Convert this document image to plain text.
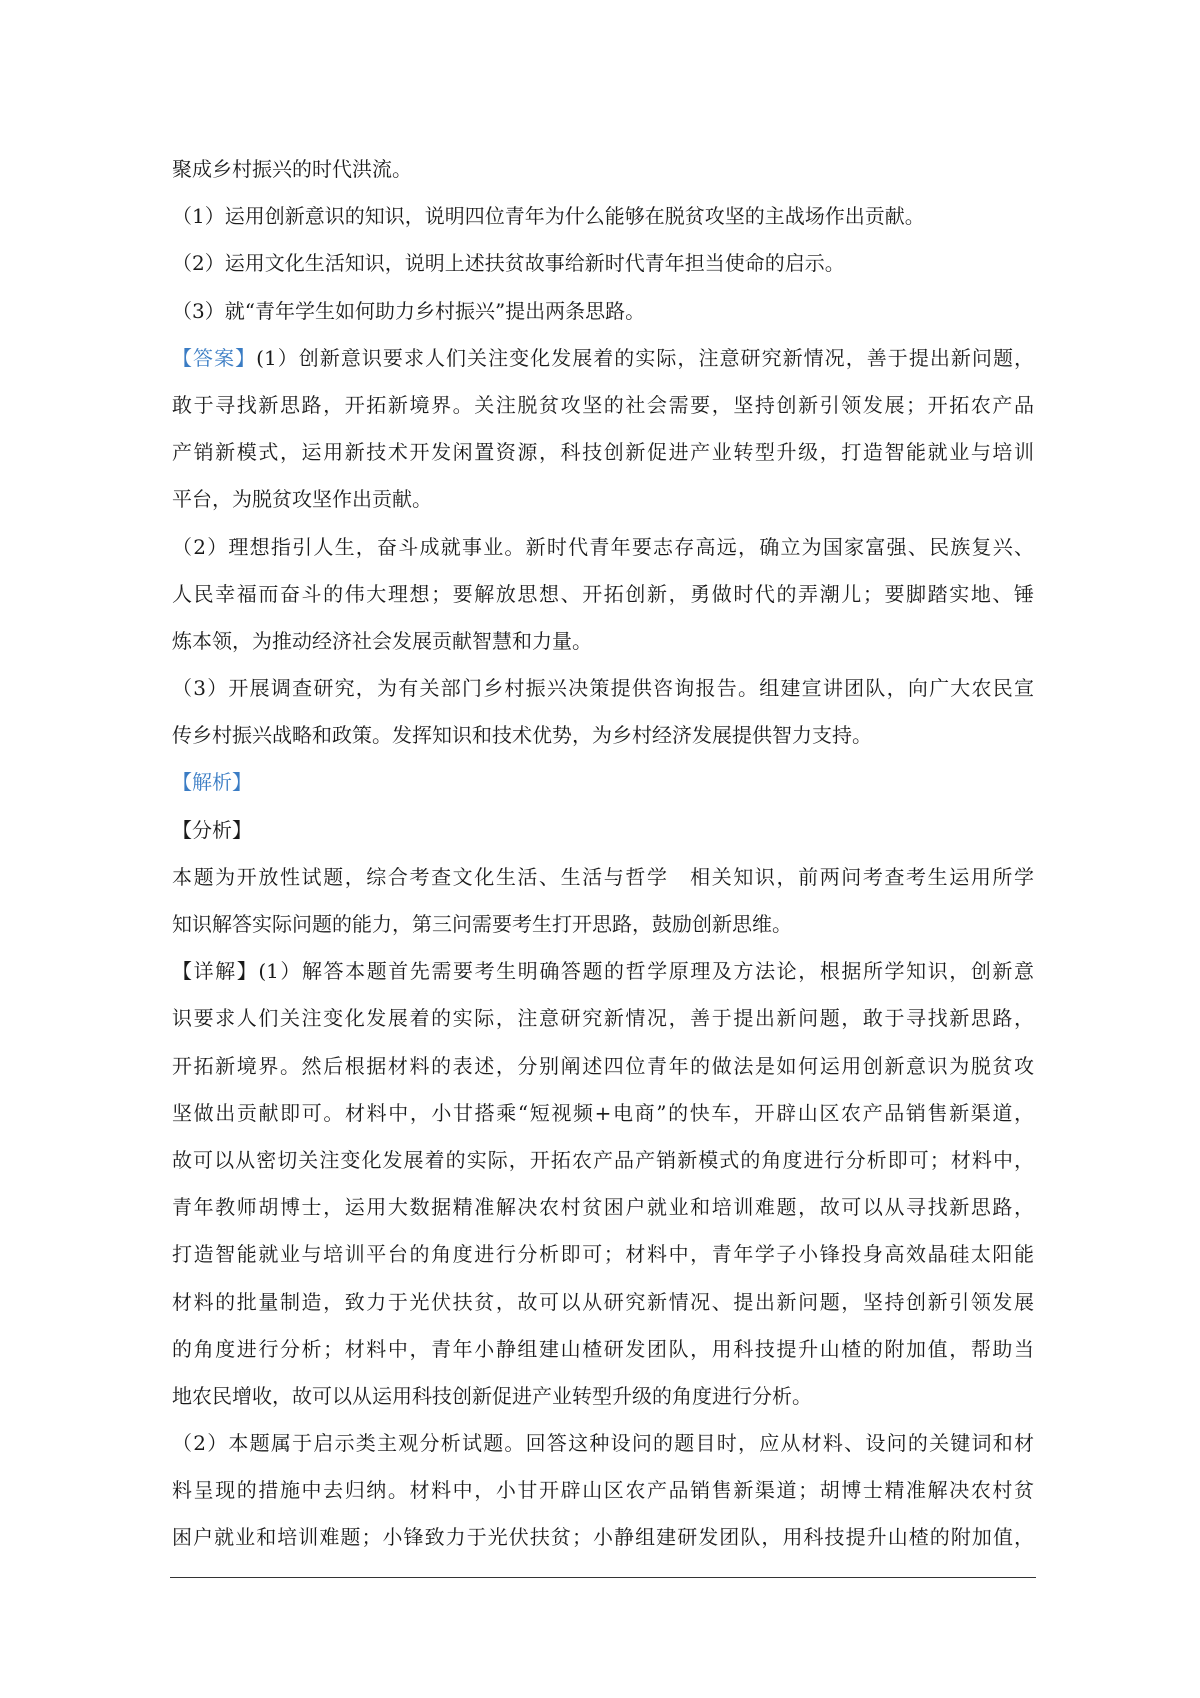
聚成乡村振兴的时代洪流。
（1）运用创新意识的知识，说明四位青年为什么能够在脱贫攻坚的主战场作出贡献。
（2）运用文化生活知识，说明上述扶贫故事给新时代青年担当使命的启示。
（3）就“青年学生如何助力乡村振兴”提出两条思路。
【答案】(1）创新意识要求人们关注变化发展着的实际，注意研究新情况，善于提出新问题，
敢于寻找新思路，开拓新境界。关注脱贫攻坚的社会需要，坚持创新引领发展；开拓农产品
产销新模式，运用新技术开发闲置资源，科技创新促进产业转型升级，打造智能就业与培训
平台，为脱贫攻坚作出贡献。
（2）理想指引人生，奋斗成就事业。新时代青年要志存高远，确立为国家富强、民族复兴、
人民幸福而奋斗的伟大理想；要解放思想、开拓创新，勇做时代的弄潮儿；要脚踏实地、锤
炼本领，为推动经济社会发展贡献智慧和力量。
（3）开展调查研究，为有关部门乡村振兴决策提供咨询报告。组建宣讲团队，向广大农民宣
传乡村振兴战略和政策。发挥知识和技术优势，为乡村经济发展提供智力支持。
【解析】
【分析】
本题为开放性试题，综合考查文化生活、生活与哲学　相关知识，前两问考查考生运用所学
知识解答实际问题的能力，第三问需要考生打开思路，鼓励创新思维。
【详解】(1）解答本题首先需要考生明确答题的哲学原理及方法论，根据所学知识，创新意
识要求人们关注变化发展着的实际，注意研究新情况，善于提出新问题，敢于寻找新思路，
开拓新境界。然后根据材料的表述，分别阐述四位青年的做法是如何运用创新意识为脱贫攻
坚做出贡献即可。材料中，小甘搭乘“短视频+电商”的快车，开辟山区农产品销售新渠道，
故可以从密切关注变化发展着的实际，开拓农产品产销新模式的角度进行分析即可；材料中，
青年教师胡博士，运用大数据精准解决农村贫困户就业和培训难题，故可以从寻找新思路，
打造智能就业与培训平台的角度进行分析即可；材料中，青年学子小锋投身高效晶硅太阳能
材料的批量制造，致力于光伏扶贫，故可以从研究新情况、提出新问题，坚持创新引领发展
的角度进行分析；材料中，青年小静组建山楂研发团队，用科技提升山楂的附加值，帮助当
地农民增收，故可以从运用科技创新促进产业转型升级的角度进行分析。
（2）本题属于启示类主观分析试题。回答这种设问的题目时，应从材料、设问的关键词和材
料呈现的措施中去归纳。材料中，小甘开辟山区农产品销售新渠道；胡博士精准解决农村贫
困户就业和培训难题；小锋致力于光伏扶贫；小静组建研发团队，用科技提升山楂的附加值，
